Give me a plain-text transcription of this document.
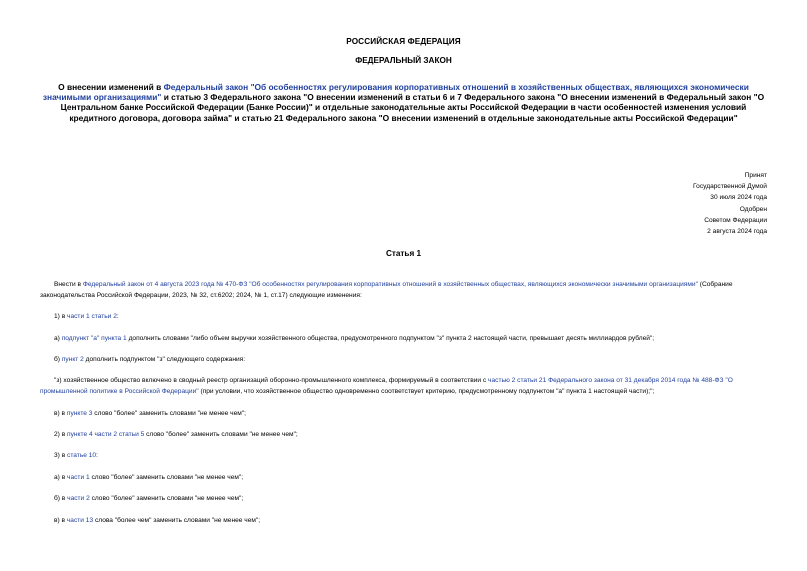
РОССИЙСКАЯ ФЕДЕРАЦИЯ
ФЕДЕРАЛЬНЫЙ ЗАКОН
О внесении изменений в Федеральный закон "Об особенностях регулирования корпоративных отношений в хозяйственных обществах, являющихся экономически значимыми организациями" и статью 3 Федерального закона "О внесении изменений в статьи 6 и 7 Федерального закона "О внесении изменений в Федеральный закон "О Центральном банке Российской Федерации (Банке России)" и отдельные законодательные акты Российской Федерации в части особенностей изменения условий кредитного договора, договора займа" и статью 21 Федерального закона "О внесении изменений в отдельные законодательные акты Российской Федерации"
Принят
Государственной Думой
30 июля 2024 года
Одобрен
Советом Федерации
2 августа 2024 года
Статья 1

Внести в Федеральный закон от 4 августа 2023 года № 470-ФЗ "Об особенностях регулирования корпоративных отношений в хозяйственных обществах, являющихся экономически значимыми организациями" (Собрание законодательства Российской Федерации, 2023, № 32, ст.6202; 2024, № 1, ст.17) следующие изменения:

1) в части 1 статьи 2:

а) подпункт "а" пункта 1 дополнить словами "либо объем выручки хозяйственного общества, предусмотренного подпунктом "з" пункта 2 настоящей части, превышает десять миллиардов рублей";

б) пункт 2 дополнить подпунктом "з" следующего содержания:

"з) хозяйственное общество включено в сводный реестр организаций оборонно-промышленного комплекса, формируемый в соответствии с частью 2 статьи 21 Федерального закона от 31 декабря 2014 года № 488-ФЗ "О промышленной политике в Российской Федерации" (при условии, что хозяйственное общество одновременно соответствует критерию, предусмотренному подпунктом "а" пункта 1 настоящей части);";

в) в пункте 3 слово "более" заменить словами "не менее чем";

2) в пункте 4 части 2 статьи 5 слово "более" заменить словами "не менее чем";

3) в статье 10:

а) в части 1 слово "более" заменить словами "не менее чем";

б) в части 2 слово "более" заменить словами "не менее чем";

в) в части 13 слова "более чем" заменить словами "не менее чем";
